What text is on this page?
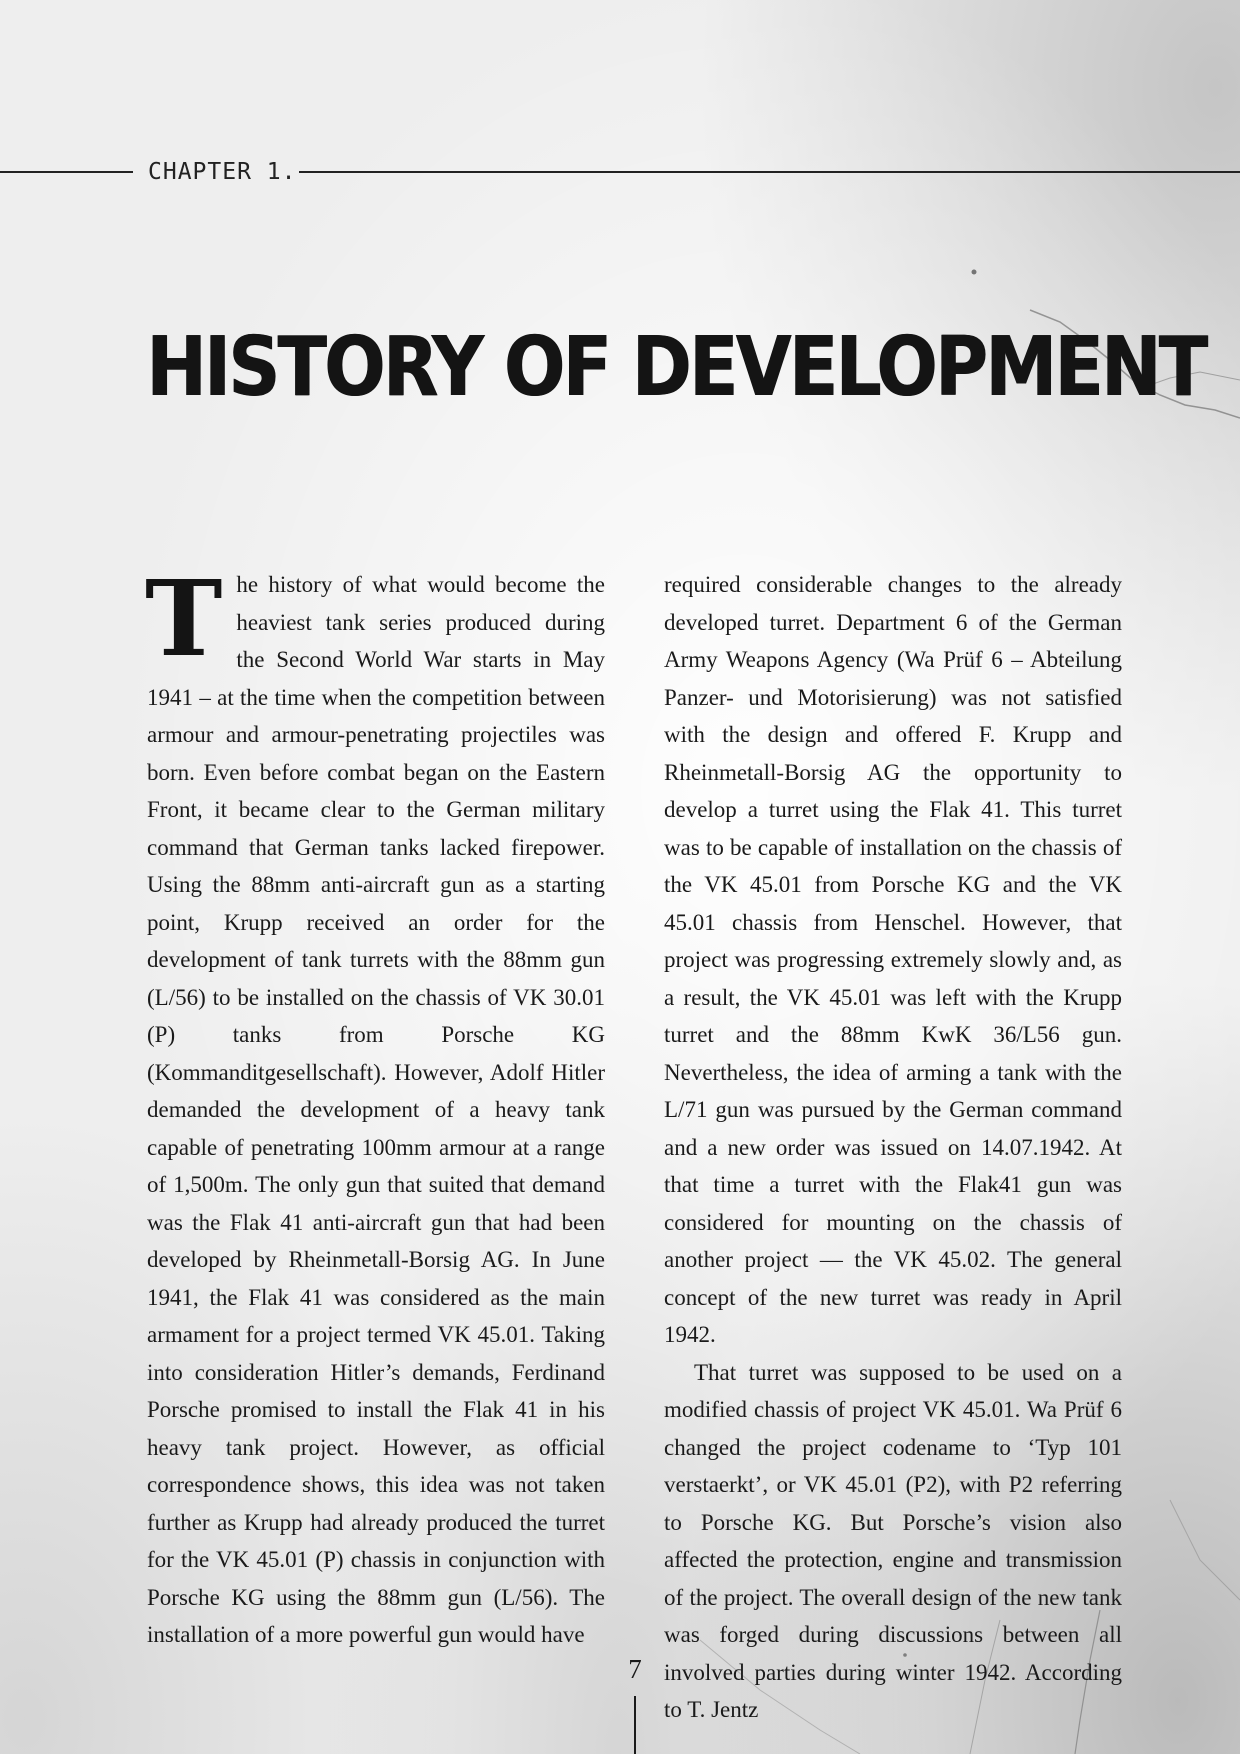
CHAPTER 1.
HISTORY OF DEVELOPMENT

The history of what would become the heaviest tank series produced during the Second World War starts in May 1941 – at the time when the competition between armour and armour-penetrating projectiles was born. Even before combat began on the Eastern Front, it became clear to the German military command that German tanks lacked firepower. Using the 88mm anti-aircraft gun as a starting point, Krupp received an order for the development of tank turrets with the 88mm gun (L/56) to be installed on the chassis of VK 30.01 (P) tanks from Porsche KG (Kommanditgesellschaft). However, Adolf Hitler demanded the development of a heavy tank capable of penetrating 100mm armour at a range of 1,500m. The only gun that suited that demand was the Flak 41 anti-aircraft gun that had been developed by Rheinmetall-Borsig AG. In June 1941, the Flak 41 was considered as the main armament for a project termed VK 45.01. Taking into consideration Hitler’s demands, Ferdinand Porsche promised to install the Flak 41 in his heavy tank project. However, as official correspondence shows, this idea was not taken further as Krupp had already produced the turret for the VK 45.01 (P) chassis in conjunction with Porsche KG using the 88mm gun (L/56). The installation of a more powerful gun would have

required considerable changes to the already developed turret. Department 6 of the German Army Weapons Agency (Wa Prüf 6 – Abteilung Panzer- und Motorisierung) was not satisfied with the design and offered F. Krupp and Rheinmetall-Borsig AG the opportunity to develop a turret using the Flak 41. This turret was to be capable of installation on the chassis of the VK 45.01 from Porsche KG and the VK 45.01 chassis from Henschel. However, that project was progressing extremely slowly and, as a result, the VK 45.01 was left with the Krupp turret and the 88mm KwK 36/L56 gun. Nevertheless, the idea of arming a tank with the L/71 gun was pursued by the German command and a new order was issued on 14.07.1942. At that time a turret with the Flak41 gun was considered for mounting on the chassis of another project — the VK 45.02. The general concept of the new turret was ready in April 1942.

That turret was supposed to be used on a modified chassis of project VK 45.01. Wa Prüf 6 changed the project codename to ‘Typ 101 verstaerkt’, or VK 45.01 (P2), with P2 referring to Porsche KG. But Porsche’s vision also affected the protection, engine and transmission of the project. The overall design of the new tank was forged during discussions between all involved parties during winter 1942. According to T. Jentz

7
